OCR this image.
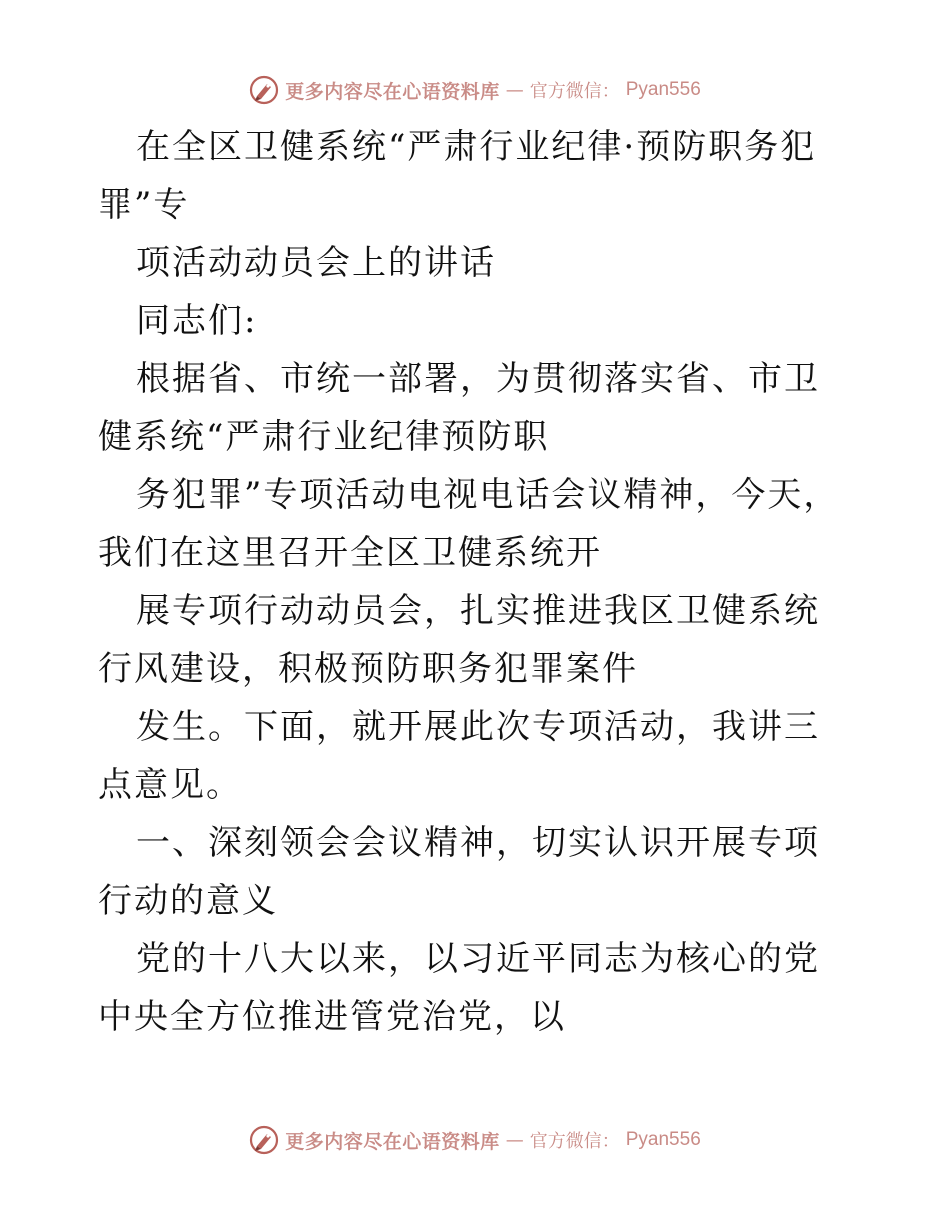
更多内容尽在心语资料库 — 官方微信： Pyan556

在全区卫健系统“严肃行业纪律·预防职务犯罪”专

项活动动员会上的讲话

同志们:

根据省、市统一部署，为贯彻落实省、市卫健系统“严肃行业纪律预防职

务犯罪”专项活动电视电话会议精神，今天，我们在这里召开全区卫健系统开

展专项行动动员会，扎实推进我区卫健系统行风建设，积极预防职务犯罪案件

发生。下面，就开展此次专项活动，我讲三点意见。

一、深刻领会会议精神，切实认识开展专项行动的意义

党的十八大以来，以习近平同志为核心的党中央全方位推进管党治党，以

更多内容尽在心语资料库 — 官方微信： Pyan556
